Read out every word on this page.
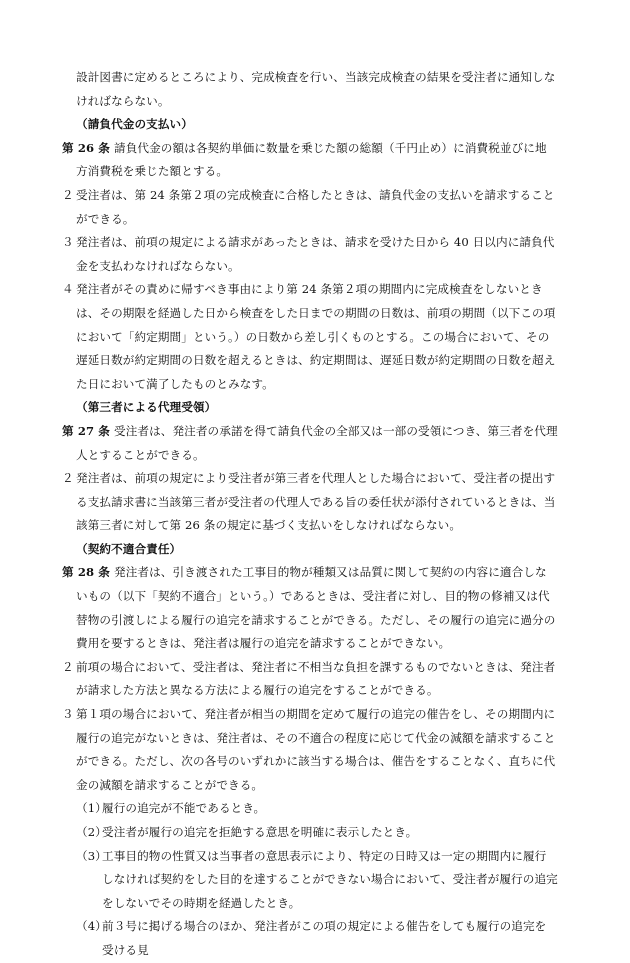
設計図書に定めるところにより、完成検査を行い、当該完成検査の結果を受注者に通知しなければならない。

（請負代金の支払い）

第 26 条 請負代金の額は各契約単価に数量を乗じた額の総額（千円止め）に消費税並びに地方消費税を乗じた額とする。

２ 受注者は、第 24 条第２項の完成検査に合格したときは、請負代金の支払いを請求することができる。

３ 発注者は、前項の規定による請求があったときは、請求を受けた日から 40 日以内に請負代金を支払わなければならない。

４ 発注者がその責めに帰すべき事由により第 24 条第２項の期間内に完成検査をしないときは、その期限を経過した日から検査をした日までの期間の日数は、前項の期間（以下この項において「約定期間」という。）の日数から差し引くものとする。この場合において、その遅延日数が約定期間の日数を超えるときは、約定期間は、遅延日数が約定期間の日数を超えた日において満了したものとみなす。

（第三者による代理受領）

第 27 条 受注者は、発注者の承諾を得て請負代金の全部又は一部の受領につき、第三者を代理人とすることができる。

２ 発注者は、前項の規定により受注者が第三者を代理人とした場合において、受注者の提出する支払請求書に当該第三者が受注者の代理人である旨の委任状が添付されているときは、当該第三者に対して第 26 条の規定に基づく支払いをしなければならない。

（契約不適合責任）

第 28 条 発注者は、引き渡された工事目的物が種類又は品質に関して契約の内容に適合しないもの（以下「契約不適合」という。）であるときは、受注者に対し、目的物の修補又は代替物の引渡しによる履行の追完を請求することができる。ただし、その履行の追完に過分の費用を要するときは、発注者は履行の追完を請求することができない。

２ 前項の場合において、受注者は、発注者に不相当な負担を課するものでないときは、発注者が請求した方法と異なる方法による履行の追完をすることができる。

３ 第１項の場合において、発注者が相当の期間を定めて履行の追完の催告をし、その期間内に履行の追完がないときは、発注者は、その不適合の程度に応じて代金の減額を請求することができる。ただし、次の各号のいずれかに該当する場合は、催告をすることなく、直ちに代金の減額を請求することができる。

（1）履行の追完が不能であるとき。

（2）受注者が履行の追完を拒絶する意思を明確に表示したとき。

（3）工事目的物の性質又は当事者の意思表示により、特定の日時又は一定の期間内に履行しなければ契約をした目的を達することができない場合において、受注者が履行の追完をしないでその時期を経過したとき。

（4）前３号に掲げる場合のほか、発注者がこの項の規定による催告をしても履行の追完を受ける見
